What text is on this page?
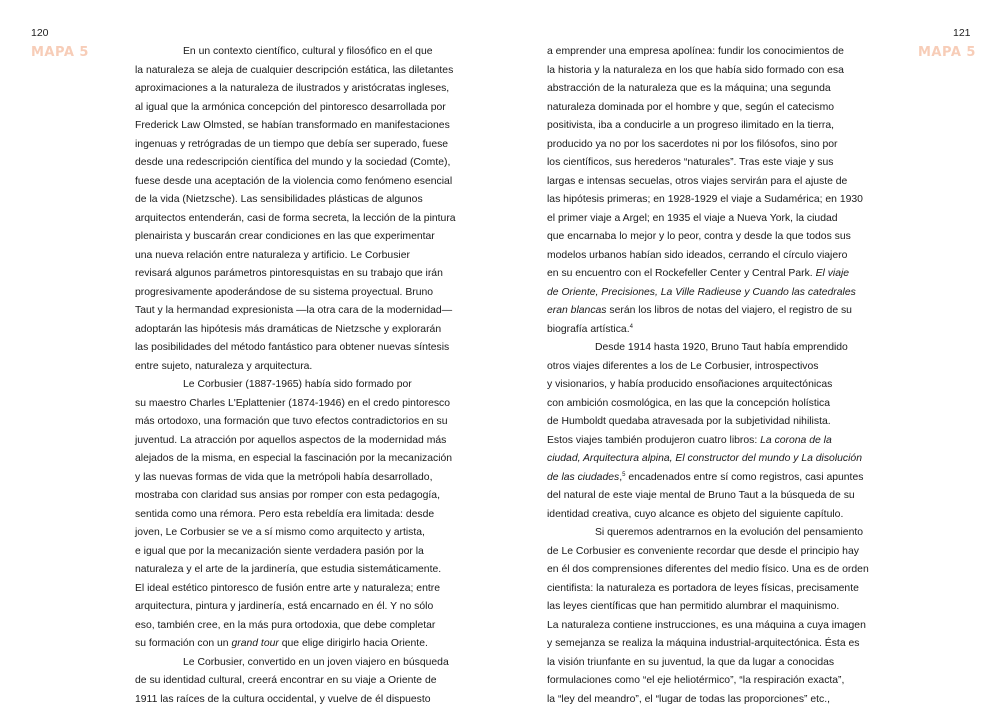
120
MAPA 5	En un contexto científico, cultural y filosófico en el que
la naturaleza se aleja de cualquier descripción estática, las diletantes
aproximaciones a la naturaleza de ilustrados y aristócratas ingleses,
al igual que la armónica concepción del pintoresco desarrollada por
Frederick Law Olmsted, se habían transformado en manifestaciones
ingenuas y retrógradas de un tiempo que debía ser superado, fuese
desde una redescripción científica del mundo y la sociedad (Comte),
fuese desde una aceptación de la violencia como fenómeno esencial
de la vida (Nietzsche). Las sensibilidades plásticas de algunos
arquitectos entenderán, casi de forma secreta, la lección de la pintura
plenairista y buscarán crear condiciones en las que experimentar
una nueva relación entre naturaleza y artificio. Le Corbusier
revisará algunos parámetros pintoresquistas en su trabajo que irán
progresivamente apoderándose de su sistema proyectual. Bruno
Taut y la hermandad expresionista —la otra cara de la modernidad—
adoptarán las hipótesis más dramáticas de Nietzsche y explorarán
las posibilidades del método fantástico para obtener nuevas síntesis
entre sujeto, naturaleza y arquitectura.
Le Corbusier (1887-1965) había sido formado por
su maestro Charles L'Eplattenier (1874-1946) en el credo pintoresco
más ortodoxo, una formación que tuvo efectos contradictorios en su
juventud. La atracción por aquellos aspectos de la modernidad más
alejados de la misma, en especial la fascinación por la mecanización
y las nuevas formas de vida que la metrópoli había desarrollado,
mostraba con claridad sus ansias por romper con esta pedagogía,
sentida como una rémora. Pero esta rebeldía era limitada: desde
joven, Le Corbusier se ve a sí mismo como arquitecto y artista,
e igual que por la mecanización siente verdadera pasión por la
naturaleza y el arte de la jardinería, que estudia sistemáticamente.
El ideal estético pintoresco de fusión entre arte y naturaleza; entre
arquitectura, pintura y jardinería, está encarnado en él. Y no sólo
eso, también cree, en la más pura ortodoxia, que debe completar
su formación con un grand tour que elige dirigirlo hacia Oriente.
Le Corbusier, convertido en un joven viajero en búsqueda
de su identidad cultural, creerá encontrar en su viaje a Oriente de
1911 las raíces de la cultura occidental, y vuelve de él dispuesto
121
MAPA 5
a emprender una empresa apolínea: fundir los conocimientos de
la historia y la naturaleza en los que había sido formado con esa
abstracción de la naturaleza que es la máquina; una segunda
naturaleza dominada por el hombre y que, según el catecismo
positivista, iba a conducirle a un progreso ilimitado en la tierra,
producido ya no por los sacerdotes ni por los filósofos, sino por
los científicos, sus herederos “naturales”. Tras este viaje y sus
largas e intensas secuelas, otros viajes servirán para el ajuste de
las hipótesis primeras; en 1928-1929 el viaje a Sudamérica; en 1930
el primer viaje a Argel; en 1935 el viaje a Nueva York, la ciudad
que encarnaba lo mejor y lo peor, contra y desde la que todos sus
modelos urbanos habían sido ideados, cerrando el círculo viajero
en su encuentro con el Rockefeller Center y Central Park. El viaje
de Oriente, Precisiones, La Ville Radieuse y Cuando las catedrales
eran blancas serán los libros de notas del viajero, el registro de su
biografía artística.$^4$
Desde 1914 hasta 1920, Bruno Taut había emprendido
otros viajes diferentes a los de Le Corbusier, introspectivos
y visionarios, y había producido ensoñaciones arquitectónicas
con ambición cosmológica, en las que la concepción holística
de Humboldt quedaba atravesada por la subjetividad nihilista.
Estos viajes también produjeron cuatro libros: La corona de la
ciudad, Arquitectura alpina, El constructor del mundo y La disolución
de las ciudades,$^5$ encadenados entre sí como registros, casi apuntes
del natural de este viaje mental de Bruno Taut a la búsqueda de su
identidad creativa, cuyo alcance es objeto del siguiente capítulo.
Si queremos adentrarnos en la evolución del pensamiento
de Le Corbusier es conveniente recordar que desde el principio hay
en él dos comprensiones diferentes del medio físico. Una es de orden
cientifista: la naturaleza es portadora de leyes físicas, precisamente
las leyes científicas que han permitido alumbrar el maquinismo.
La naturaleza contiene instrucciones, es una máquina a cuya imagen
y semejanza se realiza la máquina industrial-arquitectónica. Ésta es
la visión triunfante en su juventud, la que da lugar a conocidas
formulaciones como “el eje heliotérmico”, “la respiración exacta”,
la “ley del meandro”, el “lugar de todas las proporciones” etc.,
